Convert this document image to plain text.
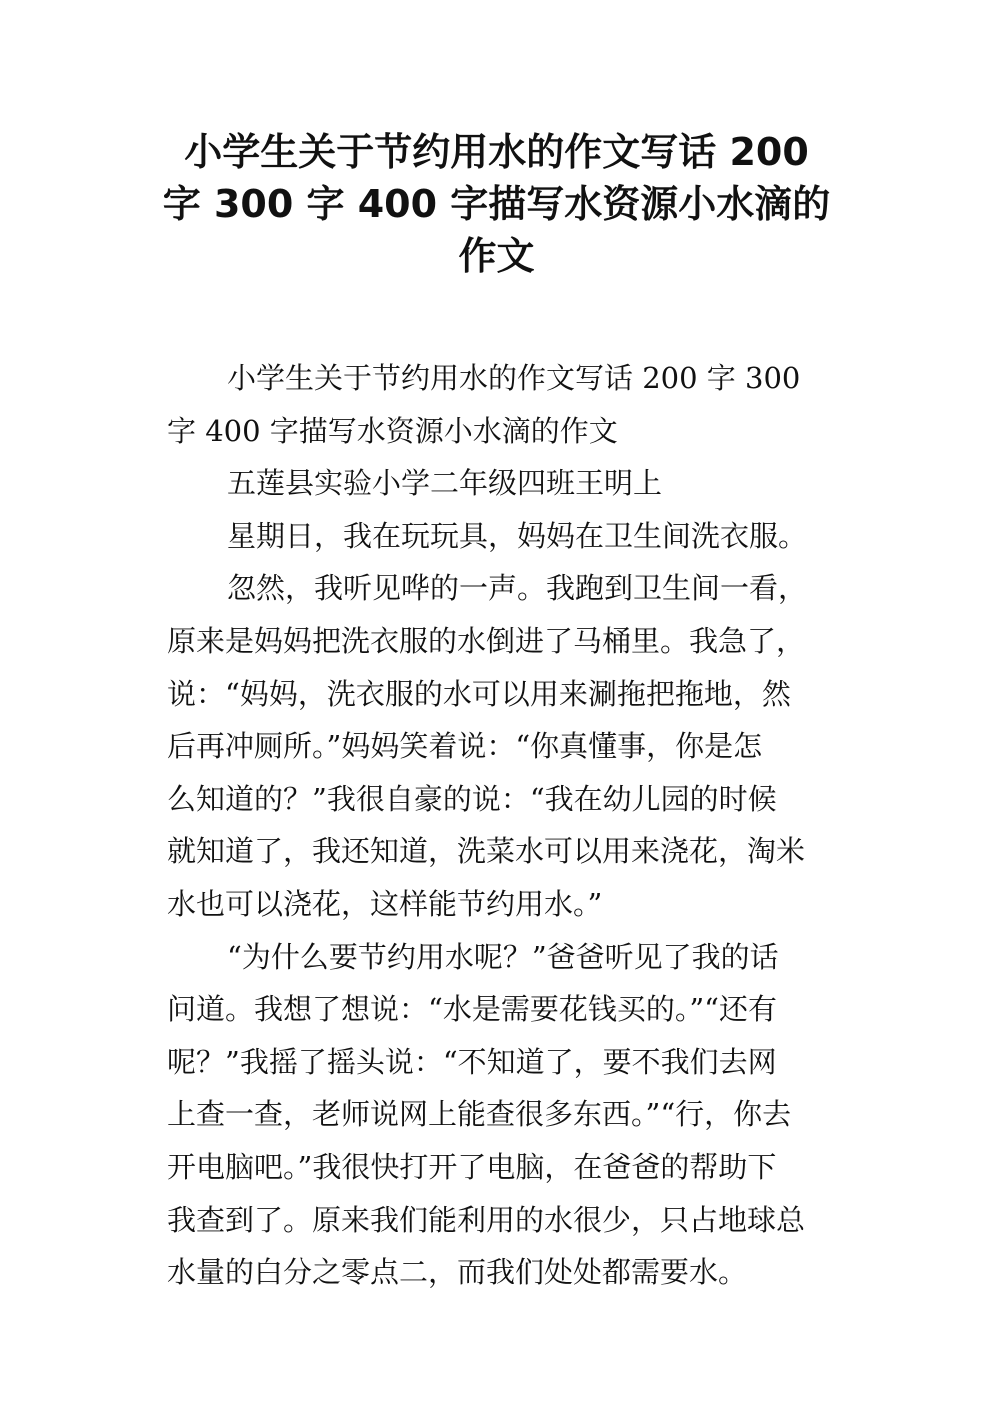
小学生关于节约用水的作文写话 200
字 300 字 400 字描写水资源小水滴的
作文
小学生关于节约用水的作文写话 200 字 300
字 400 字描写水资源小水滴的作文
五莲县实验小学二年级四班王明上
星期日，我在玩玩具，妈妈在卫生间洗衣服。
忽然，我听见哗的一声。我跑到卫生间一看，
原来是妈妈把洗衣服的水倒进了马桶里。我急了，
说：“妈妈，洗衣服的水可以用来涮拖把拖地，然
后再冲厕所。”妈妈笑着说：“你真懂事，你是怎
么知道的？”我很自豪的说：“我在幼儿园的时候
就知道了，我还知道，洗菜水可以用来浇花，淘米
水也可以浇花，这样能节约用水。”
“为什么要节约用水呢？”爸爸听见了我的话
问道。我想了想说：“水是需要花钱买的。”“还有
呢？”我摇了摇头说：“不知道了，要不我们去网
上查一查，老师说网上能查很多东西。”“行，你去
开电脑吧。”我很快打开了电脑，在爸爸的帮助下
我查到了。原来我们能利用的水很少，只占地球总
水量的白分之零点二，而我们处处都需要水。
